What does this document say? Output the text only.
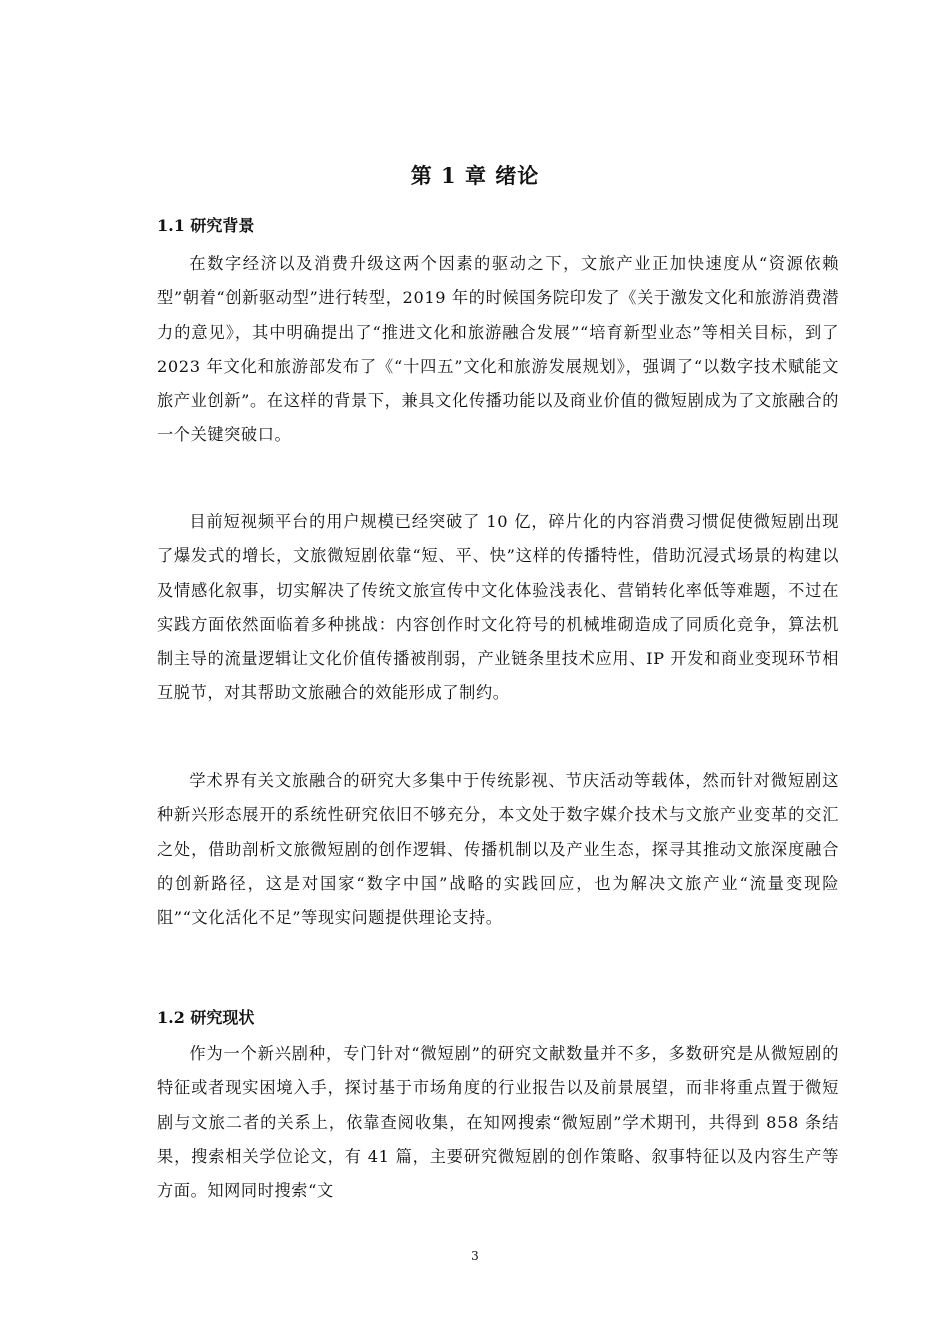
第 1 章 绪论
1.1 研究背景

在数字经济以及消费升级这两个因素的驱动之下，文旅产业正加快速度从“资源依赖型”朝着“创新驱动型”进行转型，2019 年的时候国务院印发了《关于激发文化和旅游消费潜力的意见》，其中明确提出了“推进文化和旅游融合发展”“培育新型业态”等相关目标，到了 2023 年文化和旅游部发布了《“十四五”文化和旅游发展规划》，强调了“以数字技术赋能文旅产业创新”。在这样的背景下，兼具文化传播功能以及商业价值的微短剧成为了文旅融合的一个关键突破口。

目前短视频平台的用户规模已经突破了 10 亿，碎片化的内容消费习惯促使微短剧出现了爆发式的增长，文旅微短剧依靠“短、平、快”这样的传播特性，借助沉浸式场景的构建以及情感化叙事，切实解决了传统文旅宣传中文化体验浅表化、营销转化率低等难题，不过在实践方面依然面临着多种挑战：内容创作时文化符号的机械堆砌造成了同质化竞争，算法机制主导的流量逻辑让文化价值传播被削弱，产业链条里技术应用、IP 开发和商业变现环节相互脱节，对其帮助文旅融合的效能形成了制约。

学术界有关文旅融合的研究大多集中于传统影视、节庆活动等载体，然而针对微短剧这种新兴形态展开的系统性研究依旧不够充分，本文处于数字媒介技术与文旅产业变革的交汇之处，借助剖析文旅微短剧的创作逻辑、传播机制以及产业生态，探寻其推动文旅深度融合的创新路径，这是对国家“数字中国”战略的实践回应，也为解决文旅产业“流量变现险阻”“文化活化不足”等现实问题提供理论支持。

1.2 研究现状

作为一个新兴剧种，专门针对“微短剧”的研究文献数量并不多，多数研究是从微短剧的特征或者现实困境入手，探讨基于市场角度的行业报告以及前景展望，而非将重点置于微短剧与文旅二者的关系上，依靠查阅收集，在知网搜索“微短剧”学术期刊，共得到 858 条结果，搜索相关学位论文，有 41 篇，主要研究微短剧的创作策略、叙事特征以及内容生产等方面。知网同时搜索“文

3
